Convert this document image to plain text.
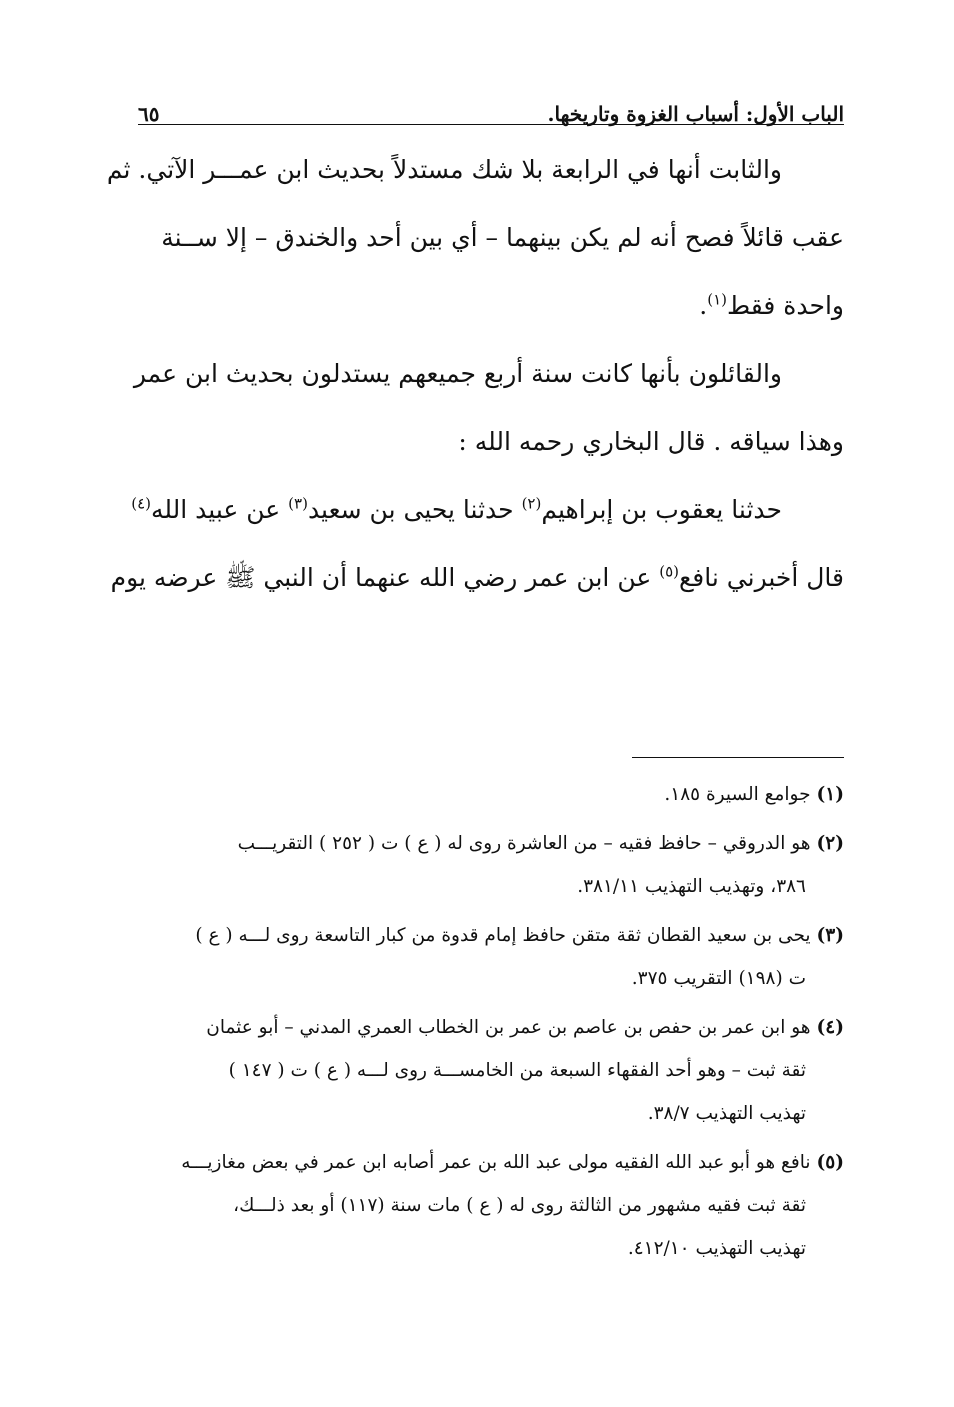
الباب الأول: أسباب الغزوة وتاريخها.
٦٥
والثابت أنها في الرابعة بلا شك مستدلاً بحديث ابن عمـــر الآتي. ثم
عقب قائلاً فصح أنه لم يكن بينهما – أي بين أحد والخندق – إلا ســنة
واحدة فقط$^{(١)}$.
والقائلون بأنها كانت سنة أربع جميعهم يستدلون بحديث ابن عمر
وهذا سياقه . قال البخاري رحمه الله :
حدثنا يعقوب بن إبراهيم$^{(٢)}$ حدثنا يحيى بن سعيد$^{(٣)}$ عن عبيد الله$^{(٤)}$
قال أخبرني نافع$^{(٥)}$ عن ابن عمر رضي الله عنهما أن النبي ﷺ عرضه يوم
(١)جوامع السيرة ١٨٥.
(٢)هو الدروقي – حافظ فقيه – من العاشرة روى له ( ع ) ت ( ٢٥٢ ) التقريـــب
٣٨٦، وتهذيب التهذيب ٣٨١/١١.
(٣)يحى بن سعيد القطان ثقة متقن حافظ إمام قدوة من كبار التاسعة روى لـــه ( ع )
ت (١٩٨) التقريب ٣٧٥.
(٤)هو ابن عمر بن حفص بن عاصم بن عمر بن الخطاب العمري المدني – أبو عثمان
ثقة ثبت – وهو أحد الفقهاء السبعة من الخامســـة روى لـــه ( ع ) ت ( ١٤٧ )
تهذيب التهذيب ٣٨/٧.
(٥)نافع هو أبو عبد الله الفقيه مولى عبد الله بن عمر أصابه ابن عمر في بعض مغازيـــه
ثقة ثبت فقيه مشهور من الثالثة روى له ( ع ) مات سنة (١١٧) أو بعد ذلـــك،
تهذيب التهذيب ٤١٢/١٠.
